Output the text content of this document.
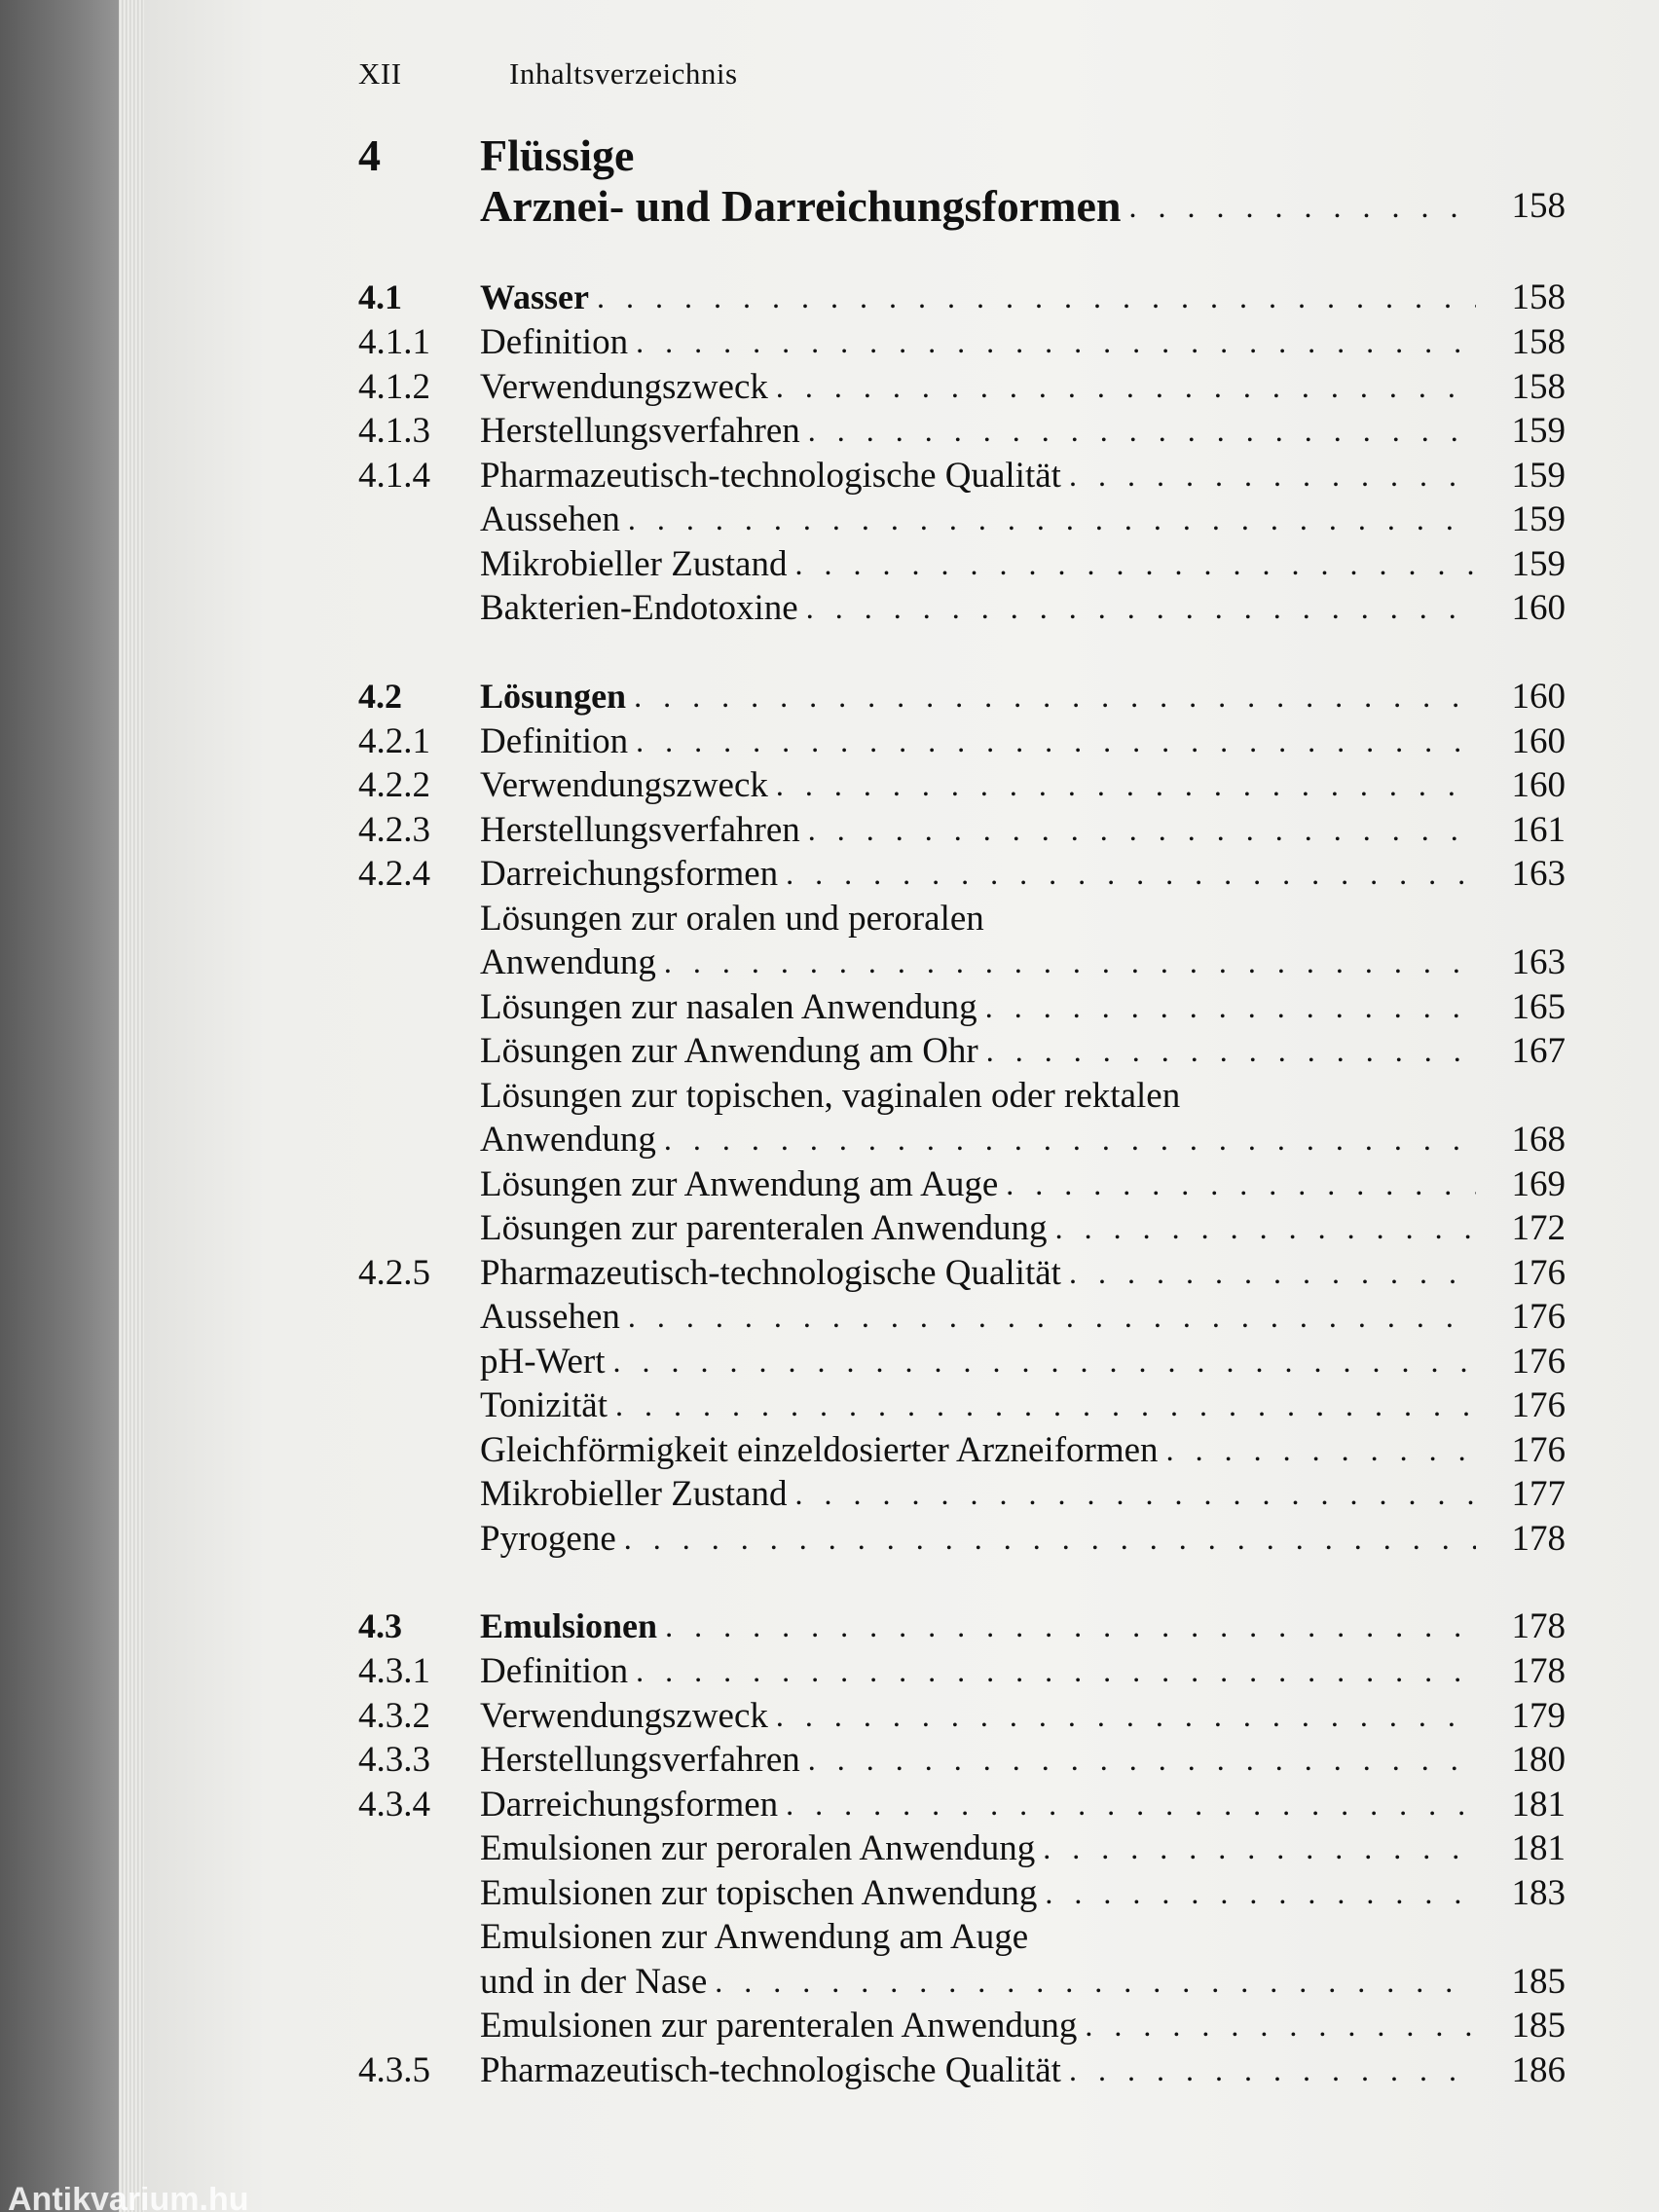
XII	Inhaltsverzeichnis
4	Flüssige
Arznei- und Darreichungsformen . . .	158
4.1	Wasser . . .	158
4.1.1	Definition . . .	158
4.1.2	Verwendungszweck . . .	158
4.1.3	Herstellungsverfahren . . .	159
4.1.4	Pharmazeutisch-technologische Qualität . . .	159
Aussehen . . .	159
Mikrobieller Zustand . . .	159
Bakterien-Endotoxine . . .	160
4.2	Lösungen . . .	160
4.2.1	Definition . . .	160
4.2.2	Verwendungszweck . . .	160
4.2.3	Herstellungsverfahren . . .	161
4.2.4	Darreichungsformen . . .	163
Lösungen zur oralen und peroralen
Anwendung . . .	163
Lösungen zur nasalen Anwendung . . .	165
Lösungen zur Anwendung am Ohr . . .	167
Lösungen zur topischen, vaginalen oder rektalen
Anwendung . . .	168
Lösungen zur Anwendung am Auge . . .	169
Lösungen zur parenteralen Anwendung . . .	172
4.2.5	Pharmazeutisch-technologische Qualität . . .	176
Aussehen . . .	176
pH-Wert . . .	176
Tonizität . . .	176
Gleichförmigkeit einzeldosierter Arzneiformen . . .	176
Mikrobieller Zustand . . .	177
Pyrogene . . .	178
4.3	Emulsionen . . .	178
4.3.1	Definition . . .	178
4.3.2	Verwendungszweck . . .	179
4.3.3	Herstellungsverfahren . . .	180
4.3.4	Darreichungsformen . . .	181
Emulsionen zur peroralen Anwendung . . .	181
Emulsionen zur topischen Anwendung . . .	183
Emulsionen zur Anwendung am Auge
und in der Nase . . .	185
Emulsionen zur parenteralen Anwendung . . .	185
4.3.5	Pharmazeutisch-technologische Qualität . . .	186
Antikvarium.hu
